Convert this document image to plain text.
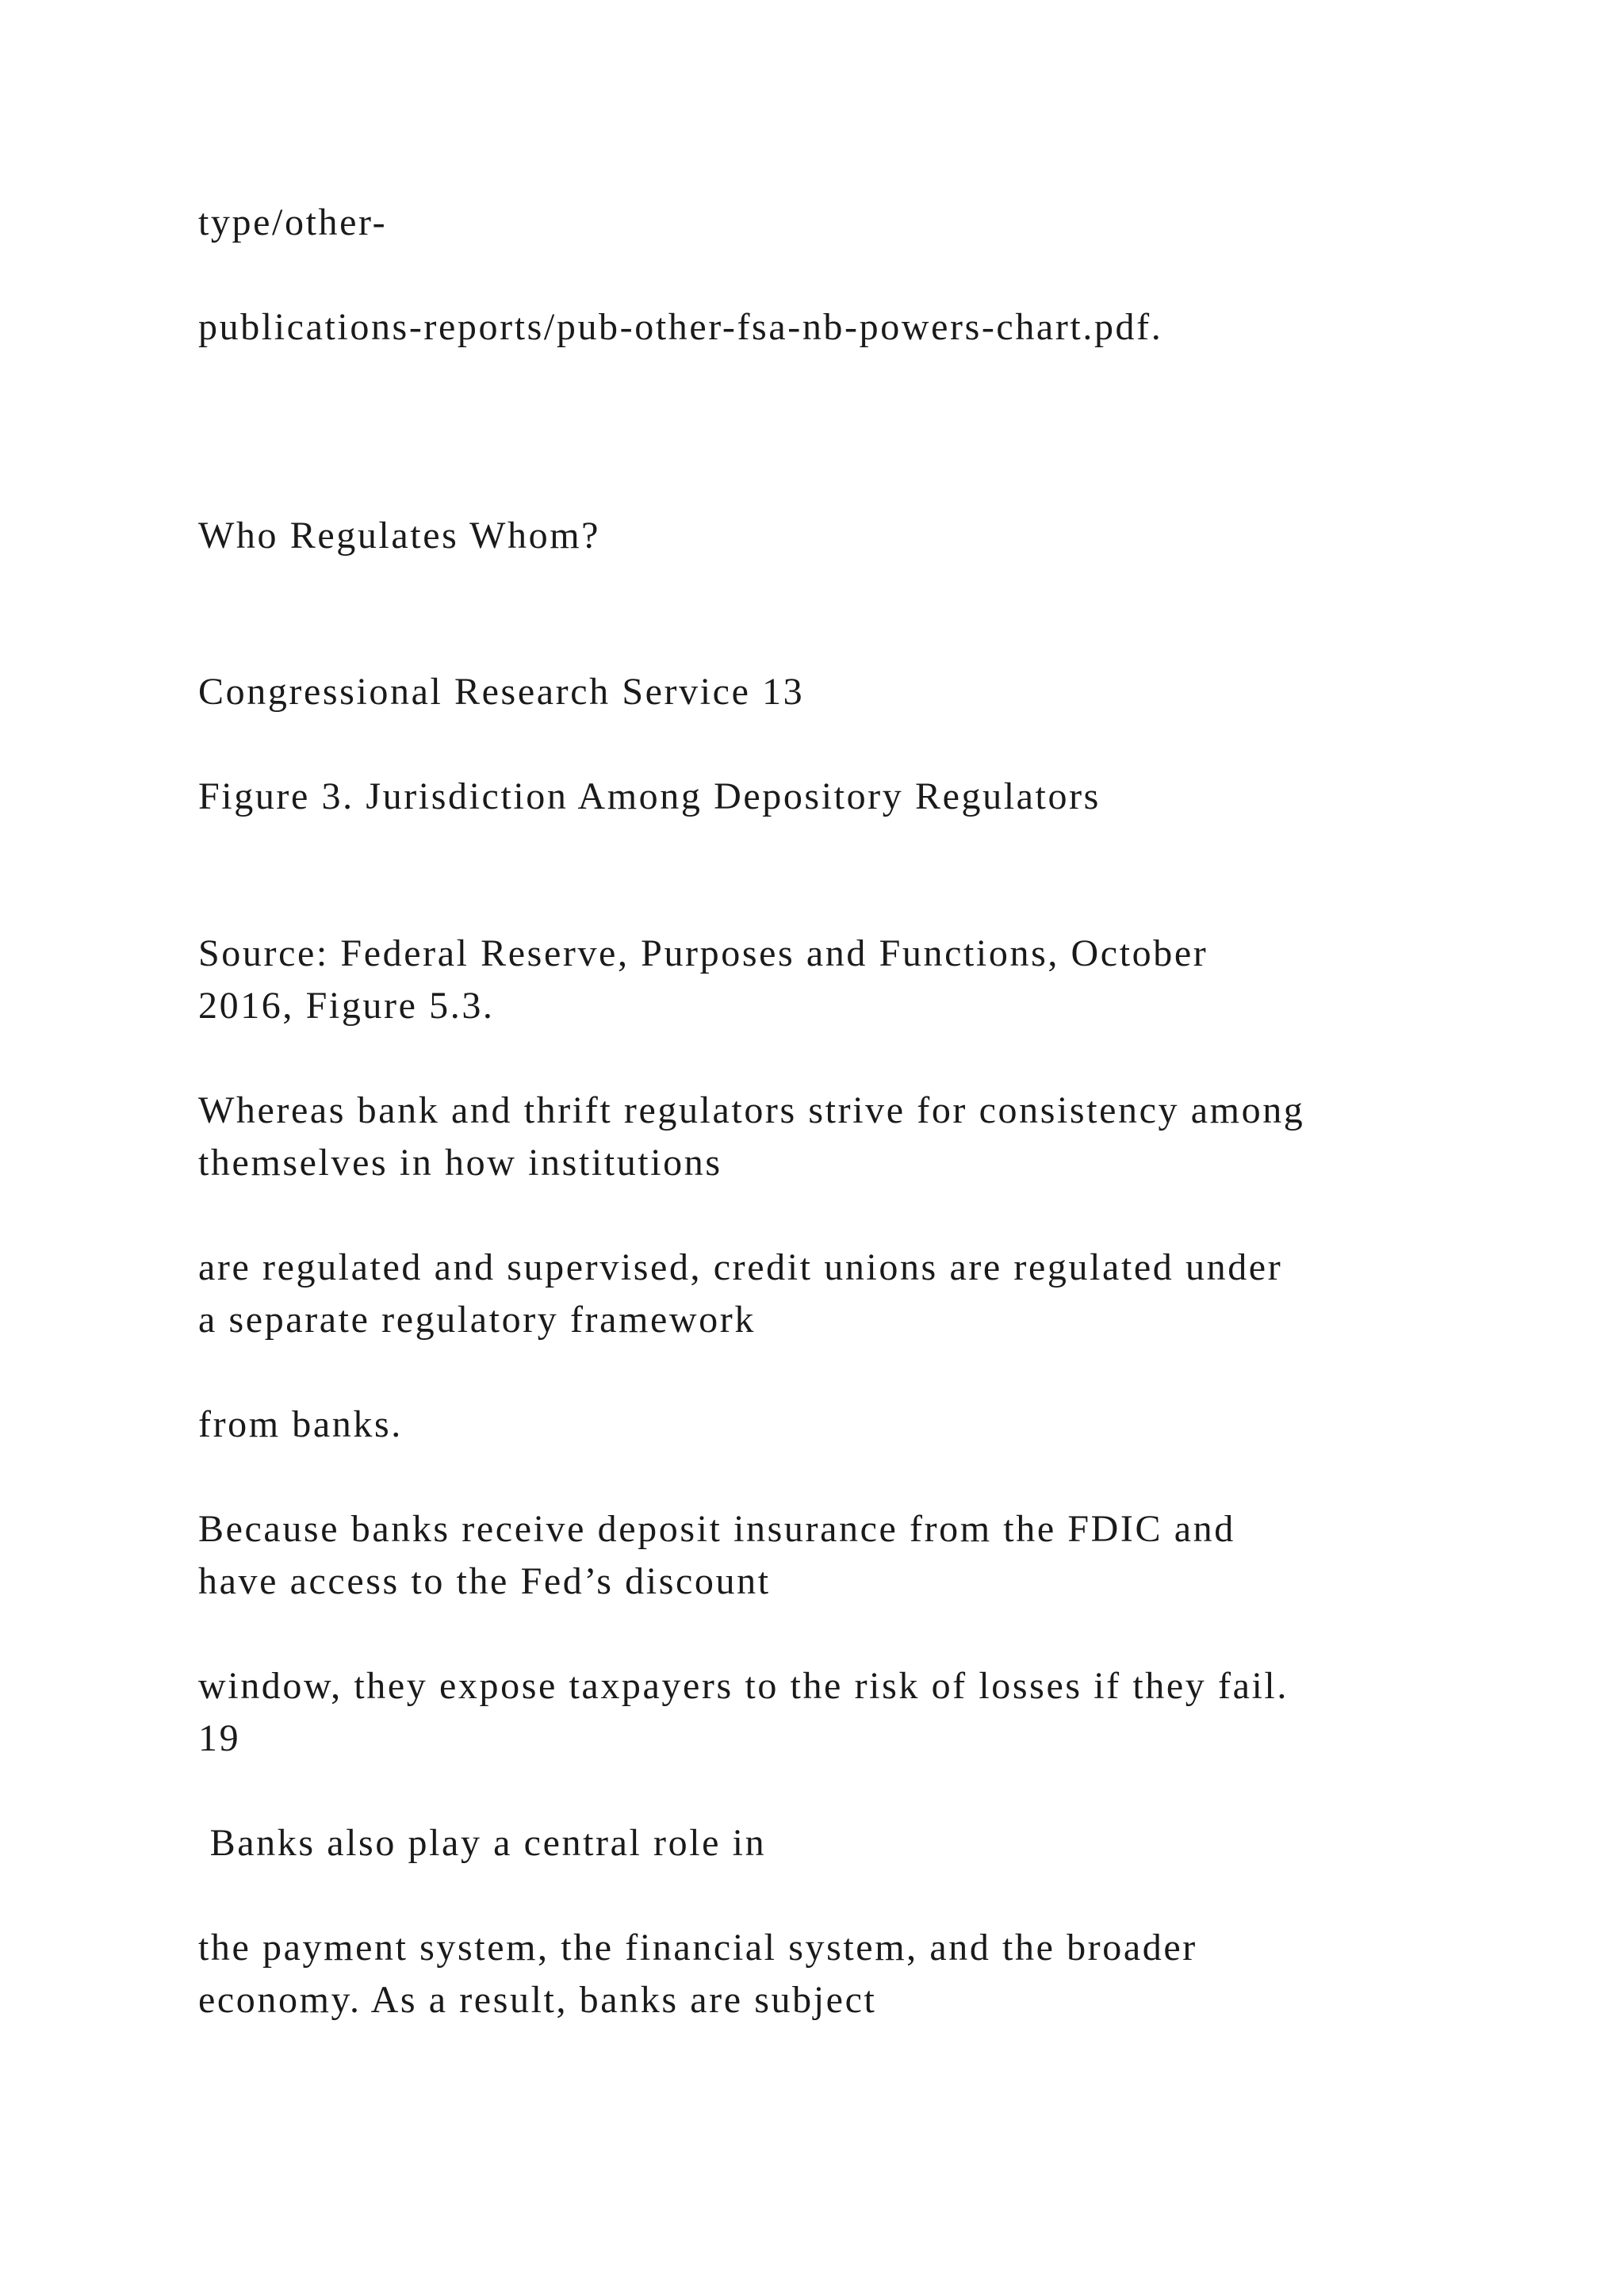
type/other-

publications-reports/pub-other-fsa-nb-powers-chart.pdf.

Who Regulates Whom?

Congressional Research Service 13

Figure 3. Jurisdiction Among Depository Regulators

Source: Federal Reserve, Purposes and Functions, October

2016, Figure 5.3.

Whereas bank and thrift regulators strive for consistency among

themselves in how institutions

are regulated and supervised, credit unions are regulated under

a separate regulatory framework

from banks.

Because banks receive deposit insurance from the FDIC and

have access to the Fed’s discount

window, they expose taxpayers to the risk of losses if they fail.

19

Banks also play a central role in

the payment system, the financial system, and the broader

economy. As a result, banks are subject
